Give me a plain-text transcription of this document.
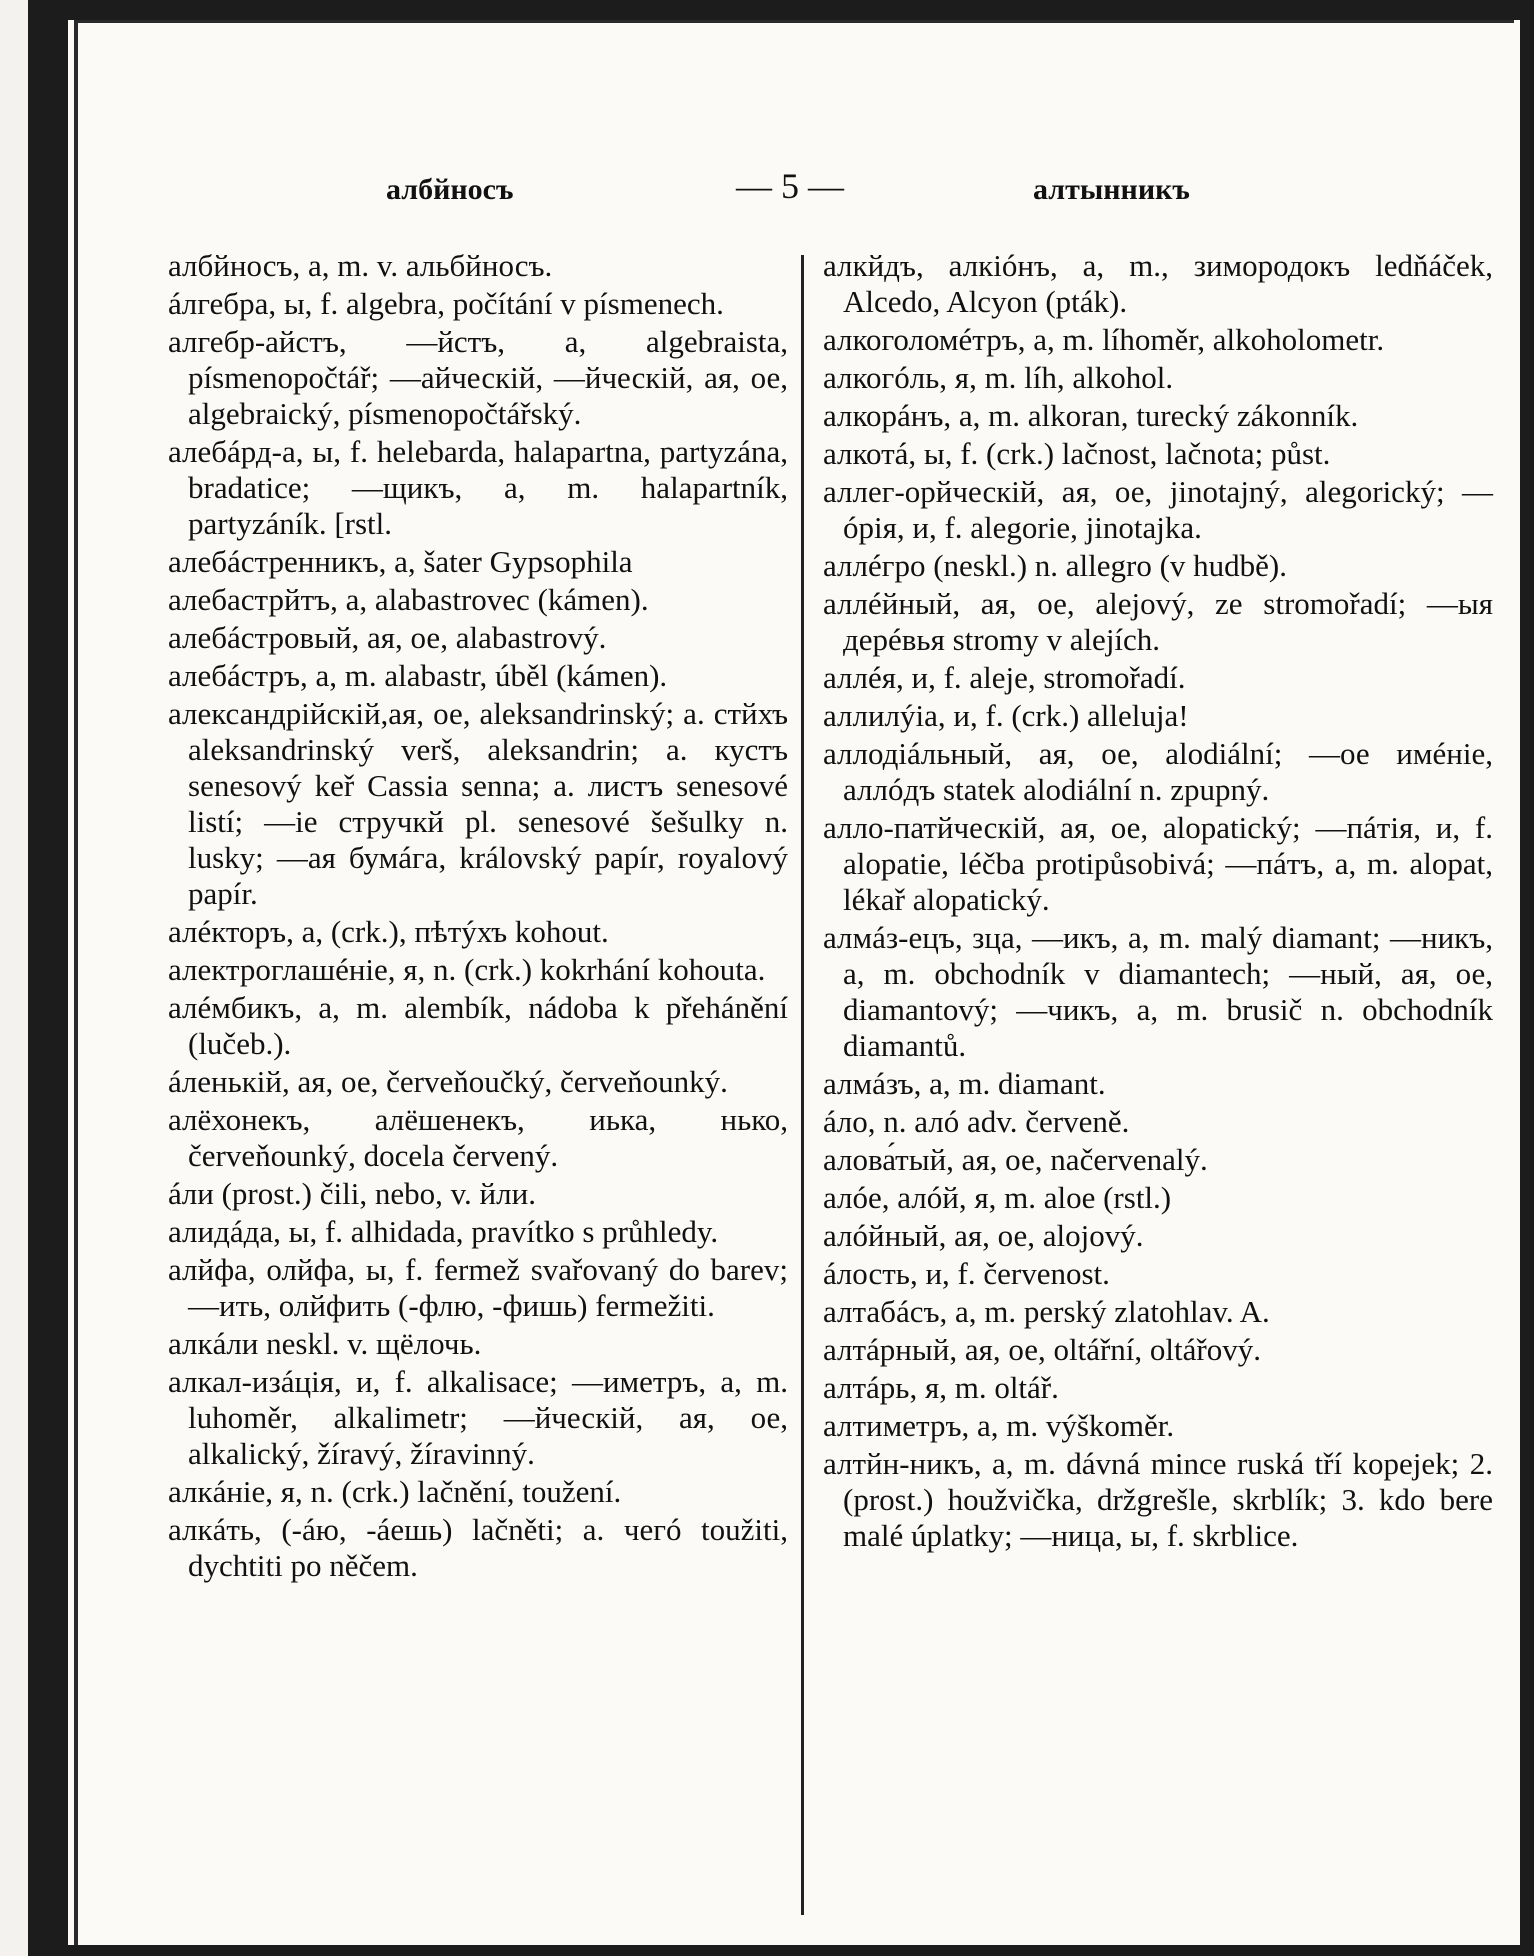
албйносъ	— 5 —	алтынникъ

албйносъ, а, m. v. альбйносъ.

áлгебра, ы, f. algebra, počítání v písmenech.

алгебр-айстъ, —йстъ, а, algebraista, písmenopočtář; —айческій, —йческій, ая, ое, algebraický, písmenopočtářský.

алебáрд-а, ы, f. helebarda, halapartna, partyzána, bradatice; —щикъ, а, m. halapartník, partyzáník. [rstl.

алебáстренникъ, а, šater Gypsophila

алебастрйтъ, а, alabastrovec (kámen).

алебáстровый, ая, ое, alabastrový.

алебáстръ, а, m. alabastr, úběl (kámen).

александрійскій,ая, ое, aleksandrinský; а. стйхъ aleksandrinský verš, aleksandrin; а. кустъ senesový keř Cassia senna; а. листъ senesové listí; —іе стручкй pl. senesové šešulky n. lusky; —ая бумáга, královský papír, royalový papír.

алéкторъ, а, (crk.), пѣтýхъ kohout.

алектроглашéніе, я, n. (crk.) kokrhání kohouta.

алéмбикъ, а, m. alembík, nádoba k přehánění (lučeb.).

áленькій, ая, ое, červeňoučký, červeňounký.

алёхонекъ, алёшенекъ, иька, нько, červeňounký, docela červený.

áли (prost.) čili, nebo, v. йли.

алидáда, ы, f. alhidada, pravítko s průhledy.

алйфа, олйфа, ы, f. fermež svařovaný do barev; —ить, олйфить (-флю, -фишь) fermežiti.

алкáли neskl. v. щёлочь.

алкал-изáція, и, f. alkalisace; —иметръ, а, m. luhoměr, alkalimetr; —йческій, ая, ое, alkalický, žíravý, žíravinný.

алкáніе, я, n. (crk.) lačnění, toužení.

алкáть, (-áю, -áешь) lačněti; а. чегó toužiti, dychtiti po něčem.

алкйдъ, алкіóнъ, а, m., зимородокъ ledňáček, Alcedo, Alcyon (pták).

алкоголомéтръ, а, m. líhoměr, alkoholometr.

алкогóль, я, m. líh, alkohol.

алкорáнъ, а, m. alkoran, turecký zákonník.

алкотá, ы, f. (crk.) lačnost, lačnota; půst.

аллег-орйческій, ая, ое, jinotajný, alegorický; —óрія, и, f. alegorie, jinotajka.

аллéгро (neskl.) n. allegro (v hudbě).

аллéйный, ая, ое, alejový, ze stromořadí; —ыя дерéвья stromy v alejích.

аллéя, и, f. aleje, stromořadí.

аллилýіа, и, f. (crk.) alleluja!

аллодіáльный, ая, ое, alodiální; —ое имéніе, аллóдъ statek alodiální n. zpupný.

алло-патйческій, ая, ое, alopatický; —пáтія, и, f. alopatie, léčba protipůsobivá; —пáтъ, а, m. alopat, lékař alopatický.

алмáз-ецъ, зца, —икъ, а, m. malý diamant; —никъ, а, m. obchodník v diamantech; —ный, ая, ое, diamantový; —чикъ, а, m. brusič n. obchodník diamantů.

алмáзъ, а, m. diamant.

áло, n. алó adv. červeně.

алова́тый, ая, ое, načervenalý.

алóе, алóй, я, m. aloe (rstl.)

алóйный, ая, ое, alojový.

áлость, и, f. červenost.

алтабáсъ, а, m. perský zlatohlav. A.

алтáрный, ая, ое, oltářní, oltářový.

алтáрь, я, m. oltář.

алтиметръ, а, m. výškoměr.

алтйн-никъ, а, m. dávná mince ruská tří kopejek; 2. (prost.) houžvička, držgrešle, skrblík; 3. kdo bere malé úplatky; —ница, ы, f. skrblice.
